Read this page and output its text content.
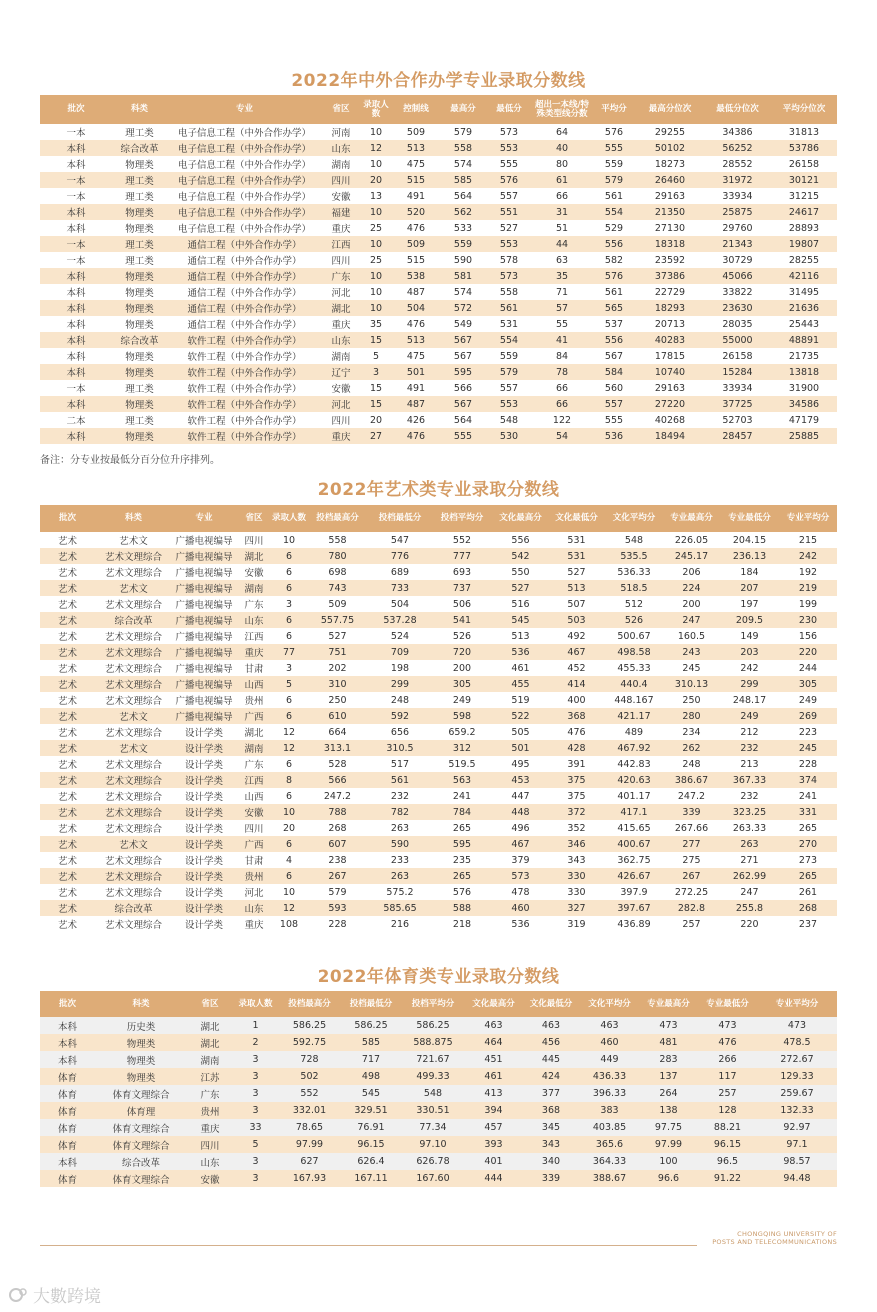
2022年中外合作办学专业录取分数线
批次	科类	专业	省区	录取人数	控制线	最高分	最低分	超出一本线/特殊类型线分数	平均分	最高分位次	最低分位次	平均分位次
一本	理工类	电子信息工程（中外合作办学）	河南	10	509	579	573	64	576	29255	34386	31813
本科	综合改革	电子信息工程（中外合作办学）	山东	12	513	558	553	40	555	50102	56252	53786
本科	物理类	电子信息工程（中外合作办学）	湖南	10	475	574	555	80	559	18273	28552	26158
一本	理工类	电子信息工程（中外合作办学）	四川	20	515	585	576	61	579	26460	31972	30121
一本	理工类	电子信息工程（中外合作办学）	安徽	13	491	564	557	66	561	29163	33934	31215
本科	物理类	电子信息工程（中外合作办学）	福建	10	520	562	551	31	554	21350	25875	24617
本科	物理类	电子信息工程（中外合作办学）	重庆	25	476	533	527	51	529	27130	29760	28893
一本	理工类	通信工程（中外合作办学）	江西	10	509	559	553	44	556	18318	21343	19807
一本	理工类	通信工程（中外合作办学）	四川	25	515	590	578	63	582	23592	30729	28255
本科	物理类	通信工程（中外合作办学）	广东	10	538	581	573	35	576	37386	45066	42116
本科	物理类	通信工程（中外合作办学）	河北	10	487	574	558	71	561	22729	33822	31495
本科	物理类	通信工程（中外合作办学）	湖北	10	504	572	561	57	565	18293	23630	21636
本科	物理类	通信工程（中外合作办学）	重庆	35	476	549	531	55	537	20713	28035	25443
本科	综合改革	软件工程（中外合作办学）	山东	15	513	567	554	41	556	40283	55000	48891
本科	物理类	软件工程（中外合作办学）	湖南	5	475	567	559	84	567	17815	26158	21735
本科	物理类	软件工程（中外合作办学）	辽宁	3	501	595	579	78	584	10740	15284	13818
一本	理工类	软件工程（中外合作办学）	安徽	15	491	566	557	66	560	29163	33934	31900
本科	物理类	软件工程（中外合作办学）	河北	15	487	567	553	66	557	27220	37725	34586
二本	理工类	软件工程（中外合作办学）	四川	20	426	564	548	122	555	40268	52703	47179
本科	物理类	软件工程（中外合作办学）	重庆	27	476	555	530	54	536	18494	28457	25885
备注：分专业按最低分百分位升序排列。
2022年艺术类专业录取分数线
批次	科类	专业	省区	录取人数	投档最高分	投档最低分	投档平均分	文化最高分	文化最低分	文化平均分	专业最高分	专业最低分	专业平均分
艺术	艺术文	广播电视编导	四川	10	558	547	552	556	531	548	226.05	204.15	215
艺术	艺术文理综合	广播电视编导	湖北	6	780	776	777	542	531	535.5	245.17	236.13	242
艺术	艺术文理综合	广播电视编导	安徽	6	698	689	693	550	527	536.33	206	184	192
艺术	艺术文	广播电视编导	湖南	6	743	733	737	527	513	518.5	224	207	219
艺术	艺术文理综合	广播电视编导	广东	3	509	504	506	516	507	512	200	197	199
艺术	综合改革	广播电视编导	山东	6	557.75	537.28	541	545	503	526	247	209.5	230
艺术	艺术文理综合	广播电视编导	江西	6	527	524	526	513	492	500.67	160.5	149	156
艺术	艺术文理综合	广播电视编导	重庆	77	751	709	720	536	467	498.58	243	203	220
艺术	艺术文理综合	广播电视编导	甘肃	3	202	198	200	461	452	455.33	245	242	244
艺术	艺术文理综合	广播电视编导	山西	5	310	299	305	455	414	440.4	310.13	299	305
艺术	艺术文理综合	广播电视编导	贵州	6	250	248	249	519	400	448.167	250	248.17	249
艺术	艺术文	广播电视编导	广西	6	610	592	598	522	368	421.17	280	249	269
艺术	艺术文理综合	设计学类	湖北	12	664	656	659.2	505	476	489	234	212	223
艺术	艺术文	设计学类	湖南	12	313.1	310.5	312	501	428	467.92	262	232	245
艺术	艺术文理综合	设计学类	广东	6	528	517	519.5	495	391	442.83	248	213	228
艺术	艺术文理综合	设计学类	江西	8	566	561	563	453	375	420.63	386.67	367.33	374
艺术	艺术文理综合	设计学类	山西	6	247.2	232	241	447	375	401.17	247.2	232	241
艺术	艺术文理综合	设计学类	安徽	10	788	782	784	448	372	417.1	339	323.25	331
艺术	艺术文理综合	设计学类	四川	20	268	263	265	496	352	415.65	267.66	263.33	265
艺术	艺术文	设计学类	广西	6	607	590	595	467	346	400.67	277	263	270
艺术	艺术文理综合	设计学类	甘肃	4	238	233	235	379	343	362.75	275	271	273
艺术	艺术文理综合	设计学类	贵州	6	267	263	265	573	330	426.67	267	262.99	265
艺术	艺术文理综合	设计学类	河北	10	579	575.2	576	478	330	397.9	272.25	247	261
艺术	综合改革	设计学类	山东	12	593	585.65	588	460	327	397.67	282.8	255.8	268
艺术	艺术文理综合	设计学类	重庆	108	228	216	218	536	319	436.89	257	220	237
2022年体育类专业录取分数线
批次	科类	省区	录取人数	投档最高分	投档最低分	投档平均分	文化最高分	文化最低分	文化平均分	专业最高分	专业最低分	专业平均分
本科	历史类	湖北	1	586.25	586.25	586.25	463	463	463	473	473	473
本科	物理类	湖北	2	592.75	585	588.875	464	456	460	481	476	478.5
本科	物理类	湖南	3	728	717	721.67	451	445	449	283	266	272.67
体育	物理类	江苏	3	502	498	499.33	461	424	436.33	137	117	129.33
体育	体育文理综合	广东	3	552	545	548	413	377	396.33	264	257	259.67
体育	体育理	贵州	3	332.01	329.51	330.51	394	368	383	138	128	132.33
体育	体育文理综合	重庆	33	78.65	76.91	77.34	457	345	403.85	97.75	88.21	92.97
体育	体育文理综合	四川	5	97.99	96.15	97.10	393	343	365.6	97.99	96.15	97.1
本科	综合改革	山东	3	627	626.4	626.78	401	340	364.33	100	96.5	98.57
体育	体育文理综合	安徽	3	167.93	167.11	167.60	444	339	388.67	96.6	91.22	94.48
CHONGQING UNIVERSITY OF
POSTS AND TELECOMMUNICATIONS
大數跨境
